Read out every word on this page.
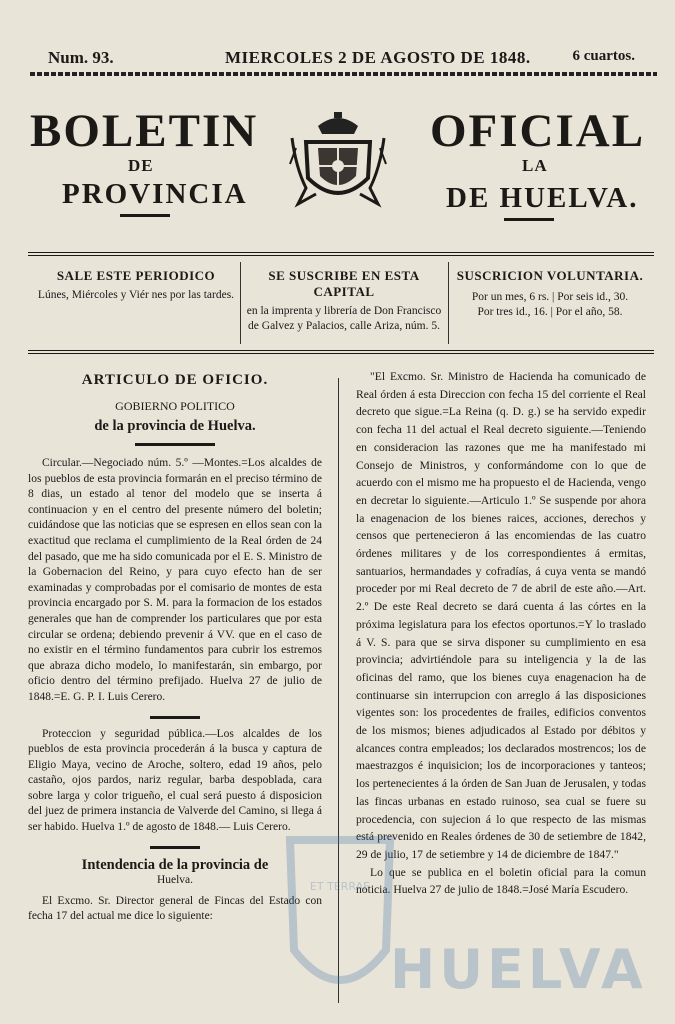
Num. 93.	MIERCOLES 2 DE AGOSTO DE 1848.	6 cuartos.
BOLETIN	OFICIAL
DE	LA
PROVINCIA	DE HUELVA.
SALE ESTE PERIODICO
Lúnes, Miércoles y Viér nes por las tardes.
SE SUSCRIBE EN ESTA CAPITAL
en la imprenta y librería de Don Francisco de Galvez y Palacios, calle Ariza, núm. 5.
SUSCRICION VOLUNTARIA.
Por un mes, 6 rs. | Por seis id., 30.
Por tres id., 16. | Por el año, 58.
ARTICULO DE OFICIO.
GOBIERNO POLITICO
de la provincia de Huelva.

Circular.—Negociado núm. 5.º —Montes.=Los alcaldes de los pueblos de esta provincia formarán en el preciso término de 8 dias, un estado al tenor del modelo que se inserta á continuacion y en el centro del presente número del boletin; cuidándose que las noticias que se espresen en ellos sean con la exactitud que reclama el cumplimiento de la Real órden de 24 del pasado, que me ha sido comunicada por el E. S. Ministro de la Gobernacion del Reino, y para cuyo efecto han de ser examinadas y comprobadas por el comisario de montes de esta provincia encargado por S. M. para la formacion de los estados generales que han de comprender los particulares que por esta circular se ordena; debiendo prevenir á VV. que en el caso de no existir en el término fundamentos para cubrir los estremos que abraza dicho modelo, lo manifestarán, sin embargo, por oficio dentro del término prefijado. Huelva 27 de julio de 1848.=E. G. P. I. Luis Cerero.

Proteccion y seguridad pública.—Los alcaldes de los pueblos de esta provincia procederán á la busca y captura de Eligio Maya, vecino de Aroche, soltero, edad 19 años, pelo castaño, ojos pardos, nariz regular, barba despoblada, cara sobre larga y color trigueño, el cual será puesto á disposicion del juez de primera instancia de Valverde del Camino, si llega á ser habido. Huelva 1.º de agosto de 1848.— Luis Cerero.

Intendencia de la provincia de
Huelva.

El Excmo. Sr. Director general de Fincas del Estado con fecha 17 del actual me dice lo siguiente:

"El Excmo. Sr. Ministro de Hacienda ha comunicado de Real órden á esta Direccion con fecha 15 del corriente el Real decreto que sigue.=La Reina (q. D. g.) se ha servido expedir con fecha 11 del actual el Real decreto siguiente.—Teniendo en consideracion las razones que me ha manifestado mi Consejo de Ministros, y conformándome con lo que de acuerdo con el mismo me ha propuesto el de Hacienda, vengo en decretar lo siguiente.—Articulo 1.º Se suspende por ahora la enagenacion de los bienes raices, acciones, derechos y censos que pertenecieron á las encomiendas de las cuatro órdenes militares y de los correspondientes á ermitas, santuarios, hermandades y cofradías, á cuya venta se mandó proceder por mi Real decreto de 7 de abril de este año.—Art. 2.º De este Real decreto se dará cuenta á las córtes en la próxima legislatura para los efectos oportunos.=Y lo traslado á V. S. para que se sirva disponer su cumplimiento en esa provincia; advirtiéndole para su inteligencia y la de las oficinas del ramo, que los bienes cuya enagenacion ha de continuarse sin interrupcion con arreglo á las disposiciones vigentes son: los procedentes de frailes, edificios conventos de los mismos; bienes adjudicados al Estado por débitos y alcances contra empleados; los declarados mostrencos; los de maestrazgos é inquisicion; los de incorporaciones y tanteos; los pertenecientes á la órden de San Juan de Jerusalen, y todas las fincas urbanas en estado ruinoso, sea cual se fuere su procedencia, con sujecion á lo que respecto de las mismas está prevenido en Reales órdenes de 30 de setiembre de 1842, 29 de julio, 17 de setiembre y 14 de diciembre de 1847."

Lo que se publica en el boletin oficial para la comun noticia. Huelva 27 de julio de 1848.=José María Escudero.

ET TERRAE
HUELVA
